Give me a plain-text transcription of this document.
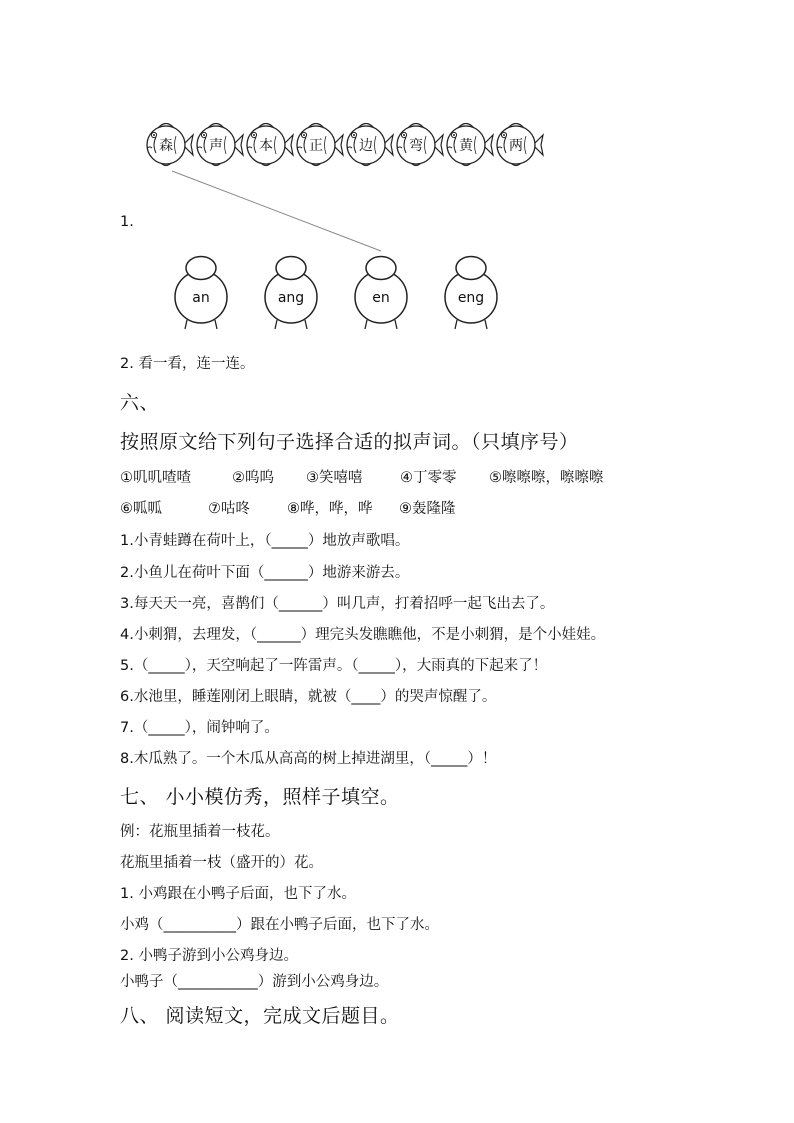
森	声	本	正	边	弯	黄	两
an	ang	en	eng
1.
2. 看一看，连一连。
六、
按照原文给下列句子选择合适的拟声词。（只填序号）
①叽叽喳喳	②呜呜 ③笑嘻嘻	④丁零零 ⑤嚓嚓嚓，嚓嚓嚓
⑥呱呱	⑦咕咚	⑧哗，哗，哗 ⑨轰隆隆
1.小青蛙蹲在荷叶上，（_____）地放声歌唱。
2.小鱼儿在荷叶下面（______）地游来游去。
3.每天天一亮，喜鹊们（______）叫几声，打着招呼一起飞出去了。
4.小刺猬，去理发，（______）理完头发瞧瞧他，不是小刺猬，是个小娃娃。
5.（_____），天空响起了一阵雷声。（_____），大雨真的下起来了！
6.水池里，睡莲刚闭上眼睛，就被（____）的哭声惊醒了。
7.（_____），闹钟响了。
8.木瓜熟了。一个木瓜从高高的树上掉进湖里，（_____）！
七、 小小模仿秀，照样子填空。
例：花瓶里插着一枝花。
花瓶里插着一枝（盛开的）花。
1. 小鸡跟在小鸭子后面，也下了水。
小鸡（__________）跟在小鸭子后面，也下了水。
2. 小鸭子游到小公鸡身边。
小鸭子（___________）游到小公鸡身边。
八、 阅读短文，完成文后题目。
